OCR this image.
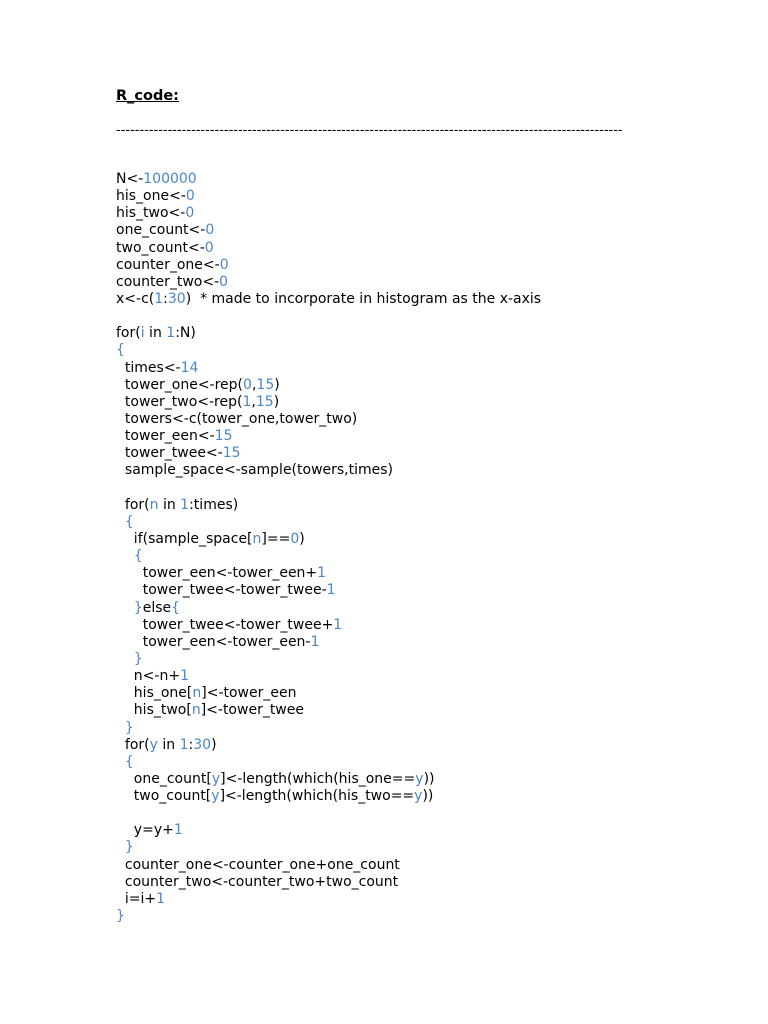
R_code:
------------------------------------------------------------------------------------------------------------
N<-100000
his_one<-0
his_two<-0
one_count<-0
two_count<-0
counter_one<-0
counter_two<-0
x<-c(1:30)  * made to incorporate in histogram as the x-axis
for(i in 1:N)
{
times<-14
tower_one<-rep(0,15)
tower_two<-rep(1,15)
towers<-c(tower_one,tower_two)
tower_een<-15
tower_twee<-15
sample_space<-sample(towers,times)
for(n in 1:times)
{
if(sample_space[n]==0)
{
tower_een<-tower_een+1
tower_twee<-tower_twee-1
}else{
tower_twee<-tower_twee+1
tower_een<-tower_een-1
}
n<-n+1
his_one[n]<-tower_een
his_two[n]<-tower_twee
}
for(y in 1:30)
{
one_count[y]<-length(which(his_one==y))
two_count[y]<-length(which(his_two==y))
y=y+1
}
counter_one<-counter_one+one_count
counter_two<-counter_two+two_count
i=i+1
}
